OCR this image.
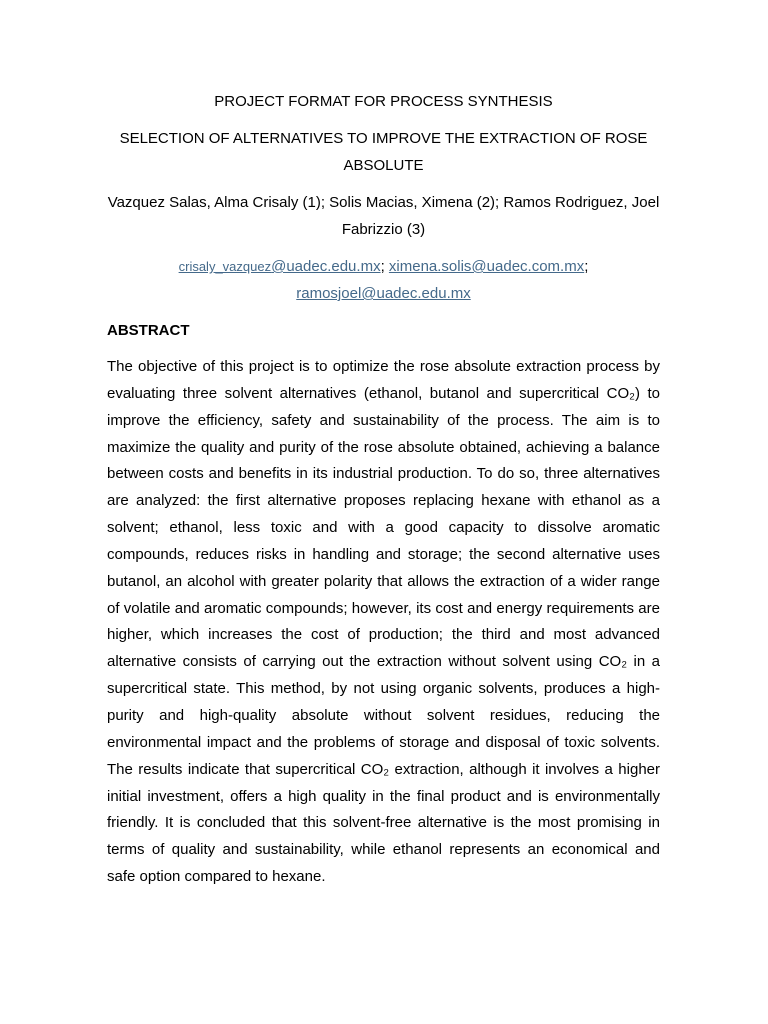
PROJECT FORMAT FOR PROCESS SYNTHESIS
SELECTION OF ALTERNATIVES TO IMPROVE THE EXTRACTION OF ROSE ABSOLUTE
Vazquez Salas, Alma Crisaly (1); Solis Macias, Ximena (2); Ramos Rodriguez, Joel Fabrizzio (3)
crisaly_vazquez@uadec.edu.mx; ximena.solis@uadec.com.mx;
ramosjoel@uadec.edu.mx
ABSTRACT

The objective of this project is to optimize the rose absolute extraction process by evaluating three solvent alternatives (ethanol, butanol and supercritical CO₂) to improve the efficiency, safety and sustainability of the process. The aim is to maximize the quality and purity of the rose absolute obtained, achieving a balance between costs and benefits in its industrial production. To do so, three alternatives are analyzed: the first alternative proposes replacing hexane with ethanol as a solvent; ethanol, less toxic and with a good capacity to dissolve aromatic compounds, reduces risks in handling and storage; the second alternative uses butanol, an alcohol with greater polarity that allows the extraction of a wider range of volatile and aromatic compounds; however, its cost and energy requirements are higher, which increases the cost of production; the third and most advanced alternative consists of carrying out the extraction without solvent using CO₂ in a supercritical state. This method, by not using organic solvents, produces a high-purity and high-quality absolute without solvent residues, reducing the environmental impact and the problems of storage and disposal of toxic solvents. The results indicate that supercritical CO₂ extraction, although it involves a higher initial investment, offers a high quality in the final product and is environmentally friendly. It is concluded that this solvent-free alternative is the most promising in terms of quality and sustainability, while ethanol represents an economical and safe option compared to hexane.
